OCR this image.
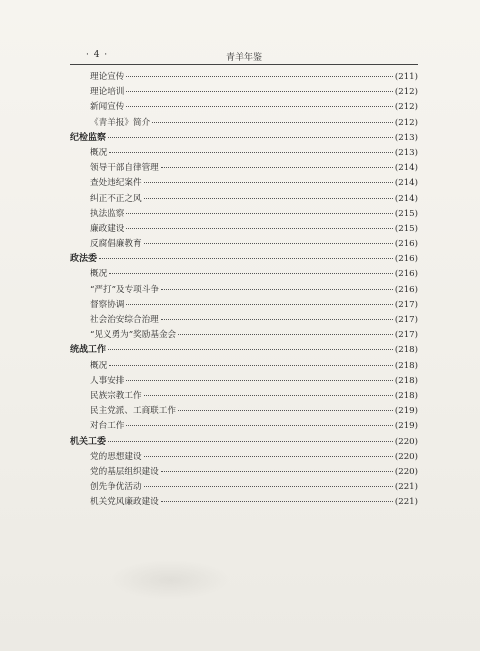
· 4 ·	青羊年鉴
理论宣传	(211)
理论培训	(212)
新闻宣传	(212)
《青羊报》简介	(212)
纪检监察	(213)
概况	(213)
领导干部自律管理	(214)
查处违纪案件	(214)
纠正不正之风	(214)
执法监察	(215)
廉政建设	(215)
反腐倡廉教育	(216)
政法委	(216)
概况	(216)
“严打”及专项斗争	(216)
督察协调	(217)
社会治安综合治理	(217)
“见义勇为”奖励基金会	(217)
统战工作	(218)
概况	(218)
人事安排	(218)
民族宗教工作	(218)
民主党派、工商联工作	(219)
对台工作	(219)
机关工委	(220)
党的思想建设	(220)
党的基层组织建设	(220)
创先争优活动	(221)
机关党风廉政建设	(221)
